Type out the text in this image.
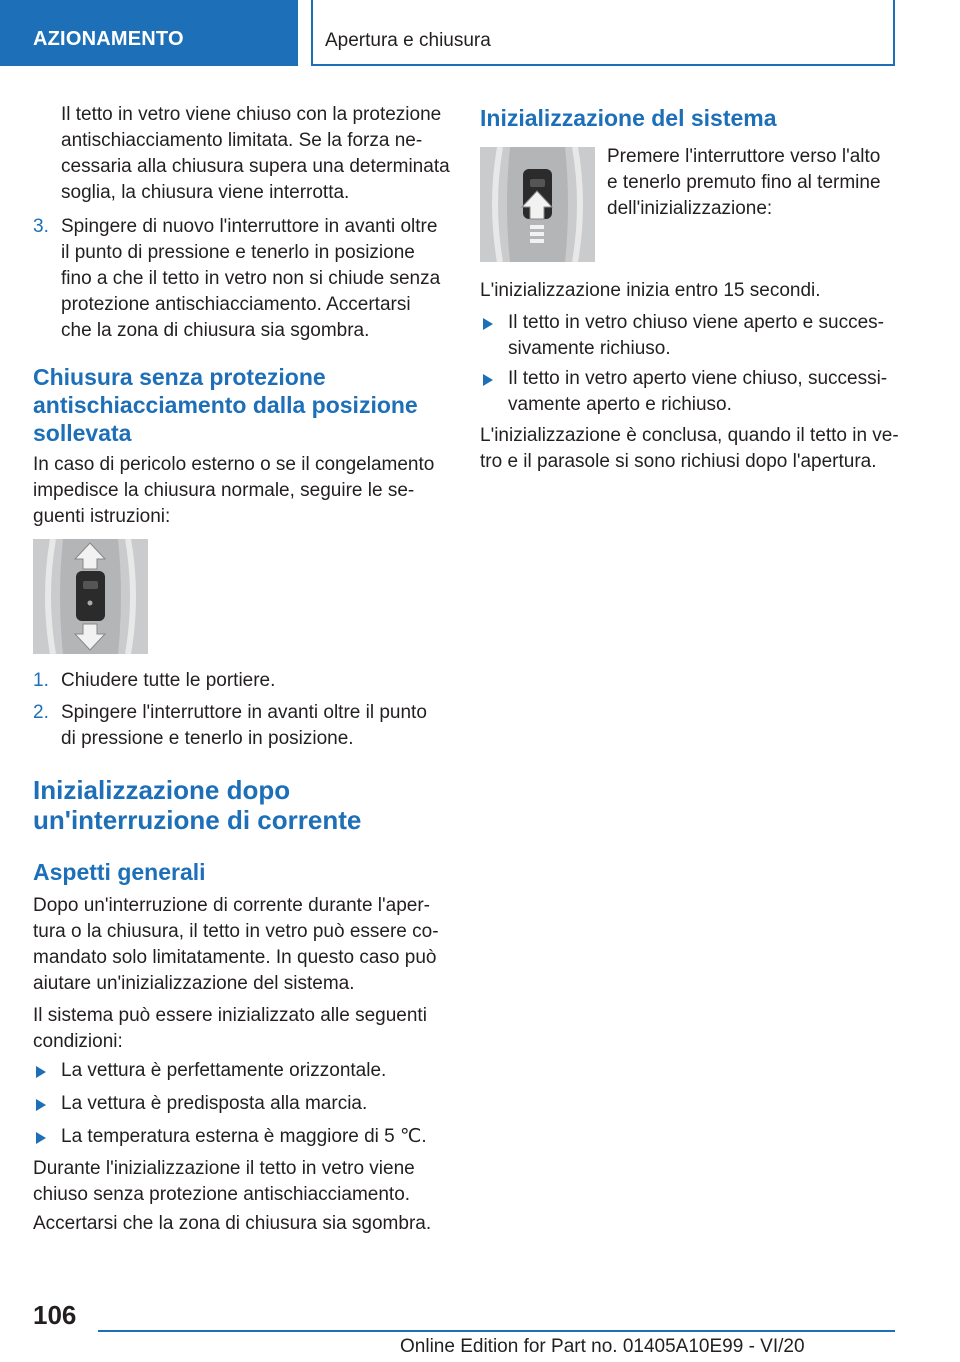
AZIONAMENTO	Apertura e chiusura
Il tetto in vetro viene chiuso con la protezione
antischiacciamento limitata. Se la forza ne-
cessaria alla chiusura supera una determinata
soglia, la chiusura viene interrotta.
3. Spingere di nuovo l'interruttore in avanti oltre
il punto di pressione e tenerlo in posizione
fino a che il tetto in vetro non si chiude senza
protezione antischiacciamento. Accertarsi
che la zona di chiusura sia sgombra.
Chiusura senza protezione
antischiacciamento dalla posizione
sollevata
In caso di pericolo esterno o se il congelamento
impedisce la chiusura normale, seguire le se-
guenti istruzioni:
1. Chiudere tutte le portiere.
2. Spingere l'interruttore in avanti oltre il punto
di pressione e tenerlo in posizione.
Inizializzazione dopo
un'interruzione di corrente
Aspetti generali
Dopo un'interruzione di corrente durante l'aper-
tura o la chiusura, il tetto in vetro può essere co-
mandato solo limitatamente. In questo caso può
aiutare un'inizializzazione del sistema.
Il sistema può essere inizializzato alle seguenti
condizioni:
La vettura è perfettamente orizzontale.
La vettura è predisposta alla marcia.
La temperatura esterna è maggiore di 5 ℃.
Durante l'inizializzazione il tetto in vetro viene
chiuso senza protezione antischiacciamento.
Accertarsi che la zona di chiusura sia sgombra.
Inizializzazione del sistema
Premere l'interruttore verso l'alto
e tenerlo premuto fino al termine
dell'inizializzazione:
L'inizializzazione inizia entro 15 secondi.
Il tetto in vetro chiuso viene aperto e succes-
sivamente richiuso.
Il tetto in vetro aperto viene chiuso, successi-
vamente aperto e richiuso.
L'inizializzazione è conclusa, quando il tetto in ve-
tro e il parasole si sono richiusi dopo l'apertura.
106
Online Edition for Part no. 01405A10E99 - VI/20
